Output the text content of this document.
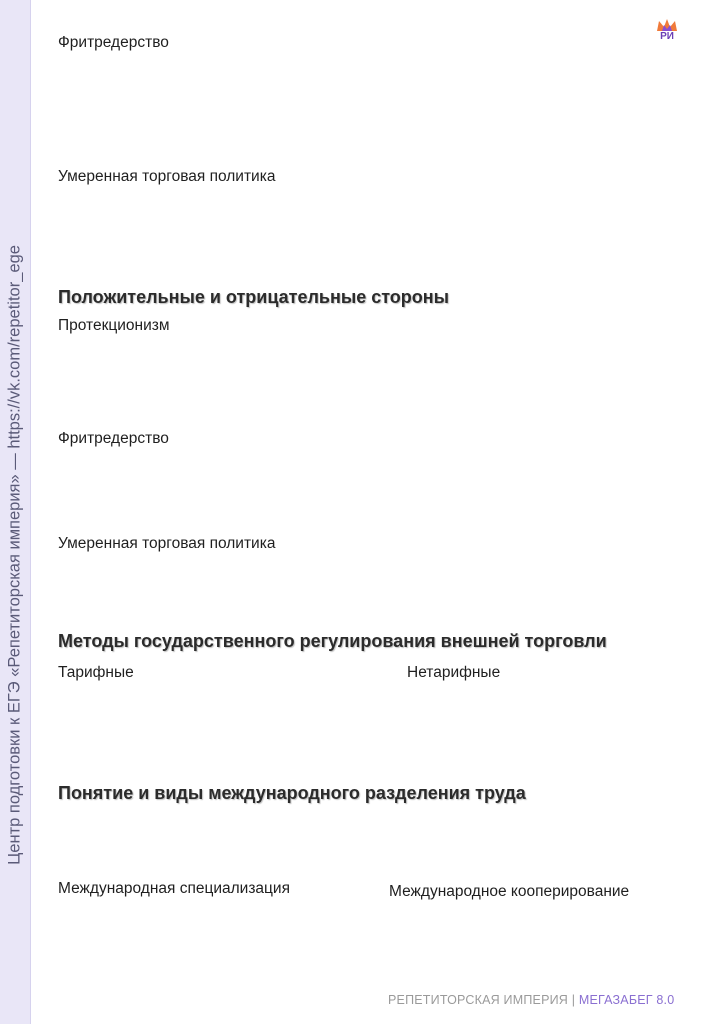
Центр подготовки к ЕГЭ «Репетиторская империя» — https://vk.com/repetitor_ege
РИ
Фритредерство
Умеренная торговая политика
Положительные и отрицательные стороны
Протекционизм
Фритредерство
Умеренная торговая политика
Методы государственного регулирования внешней торговли
Тарифные	Нетарифные
Понятие и виды международного разделения труда
Международная специализация	Международное кооперирование
РЕПЕТИТОРСКАЯ ИМПЕРИЯ | МЕГАЗАБЕГ 8.0
